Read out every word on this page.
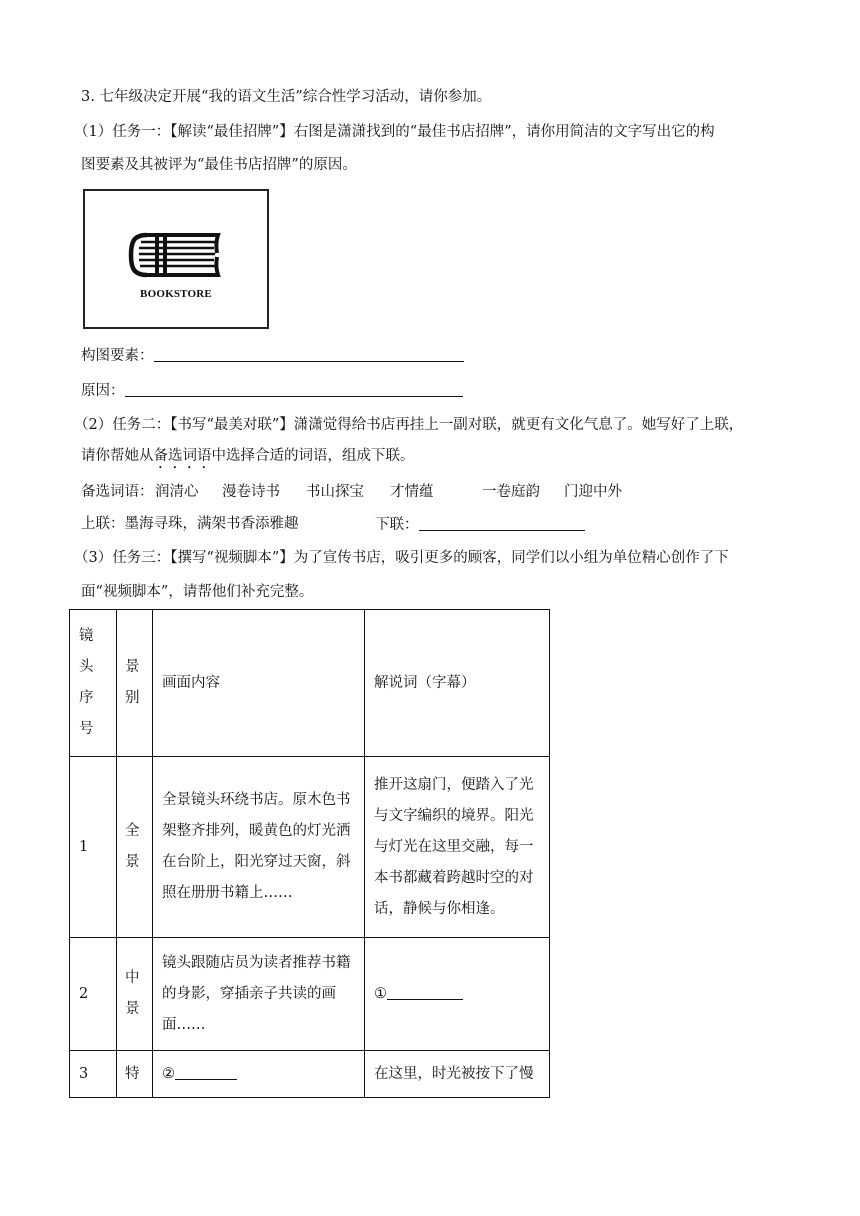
3. 七年级决定开展“我的语文生活”综合性学习活动，请你参加。
（1）任务一：【解读“最佳招牌”】右图是潇潇找到的“最佳书店招牌”，请你用简洁的文字写出它的构
图要素及其被评为“最佳书店招牌”的原因。
BOOKSTORE
构图要素：
原因：
（2）任务二：【书写“最美对联”】潇潇觉得给书店再挂上一副对联，就更有文化气息了。她写好了上联，
请你帮她从备选词语中选择合适的词语，组成下联。
备选词语： 润清心 漫卷诗书 书山探宝 才情蕴	一卷庭韵 门迎中外
上联：墨海寻珠，满架书香添雅趣	下联：
（3）任务三：【撰写“视频脚本”】为了宣传书店，吸引更多的顾客，同学们以小组为单位精心创作了下
面“视频脚本”，请帮他们补充完整。
镜头序号	景别	画面内容	解说词（字幕）
1	全景	全景镜头环绕书店。原木色书架整齐排列，暖黄色的灯光洒在台阶上，阳光穿过天窗，斜照在册册书籍上……	推开这扇门，便踏入了光与文字编织的境界。阳光与灯光在这里交融，每一本书都藏着跨越时空的对话，静候与你相逢。
2	中景	镜头跟随店员为读者推荐书籍的身影，穿插亲子共读的画面……	①
3	特	②	在这里，时光被按下了慢
